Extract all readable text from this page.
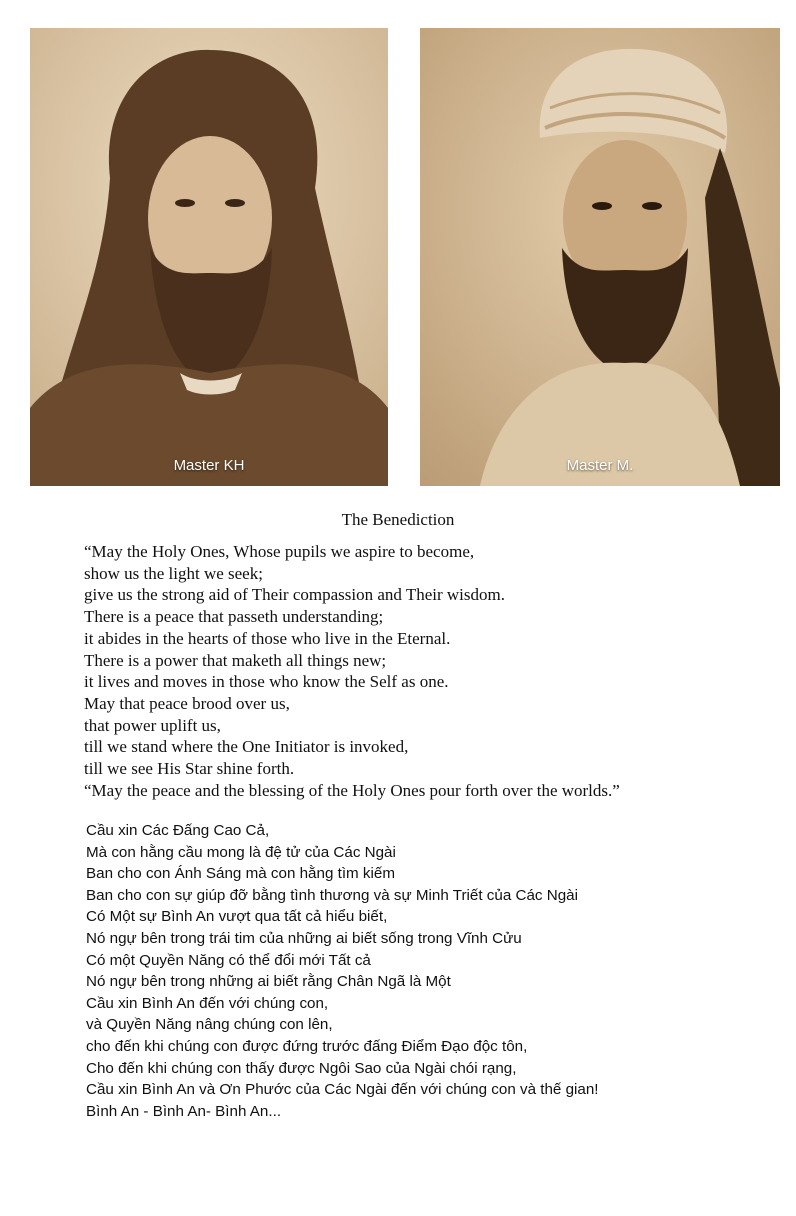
Master KH	Master M.
The Benediction
“May the Holy Ones, Whose pupils we aspire to become,
show us the light we seek;
give us the strong aid of Their compassion and Their wisdom.
There is a peace that passeth understanding;
it abides in the hearts of those who live in the Eternal.
There is a power that maketh all things new;
it lives and moves in those who know the Self as one.
May that peace brood over us,
that power uplift us,
till we stand where the One Initiator is invoked,
till we see His Star shine forth.
“May the peace and the blessing of the Holy Ones pour forth over the worlds.”
Cầu xin Các Đấng Cao Cả,
Mà con hằng cầu mong là đệ tử của Các Ngài
Ban cho con Ánh Sáng mà con hằng tìm kiếm
Ban cho con sự giúp đỡ bằng tình thương và sự Minh Triết của Các Ngài
Có Một sự Bình An vượt qua tất cả hiểu biết,
Nó ngự bên trong trái tim của những ai biết sống trong Vĩnh Cửu
Có một Quyền Năng có thể đổi mới Tất cả
Nó ngự bên trong những ai biết rằng Chân Ngã là Một
Cầu xin Bình An đến với chúng con,
và Quyền Năng nâng chúng con lên,
cho đến khi chúng con được đứng trước đấng Điểm Đạo độc tôn,
Cho đến khi chúng con thấy được Ngôi Sao của Ngài chói rạng,
Cầu xin Bình An và Ơn Phước của Các Ngài đến với chúng con và thế gian!
Bình An - Bình An- Bình An...
